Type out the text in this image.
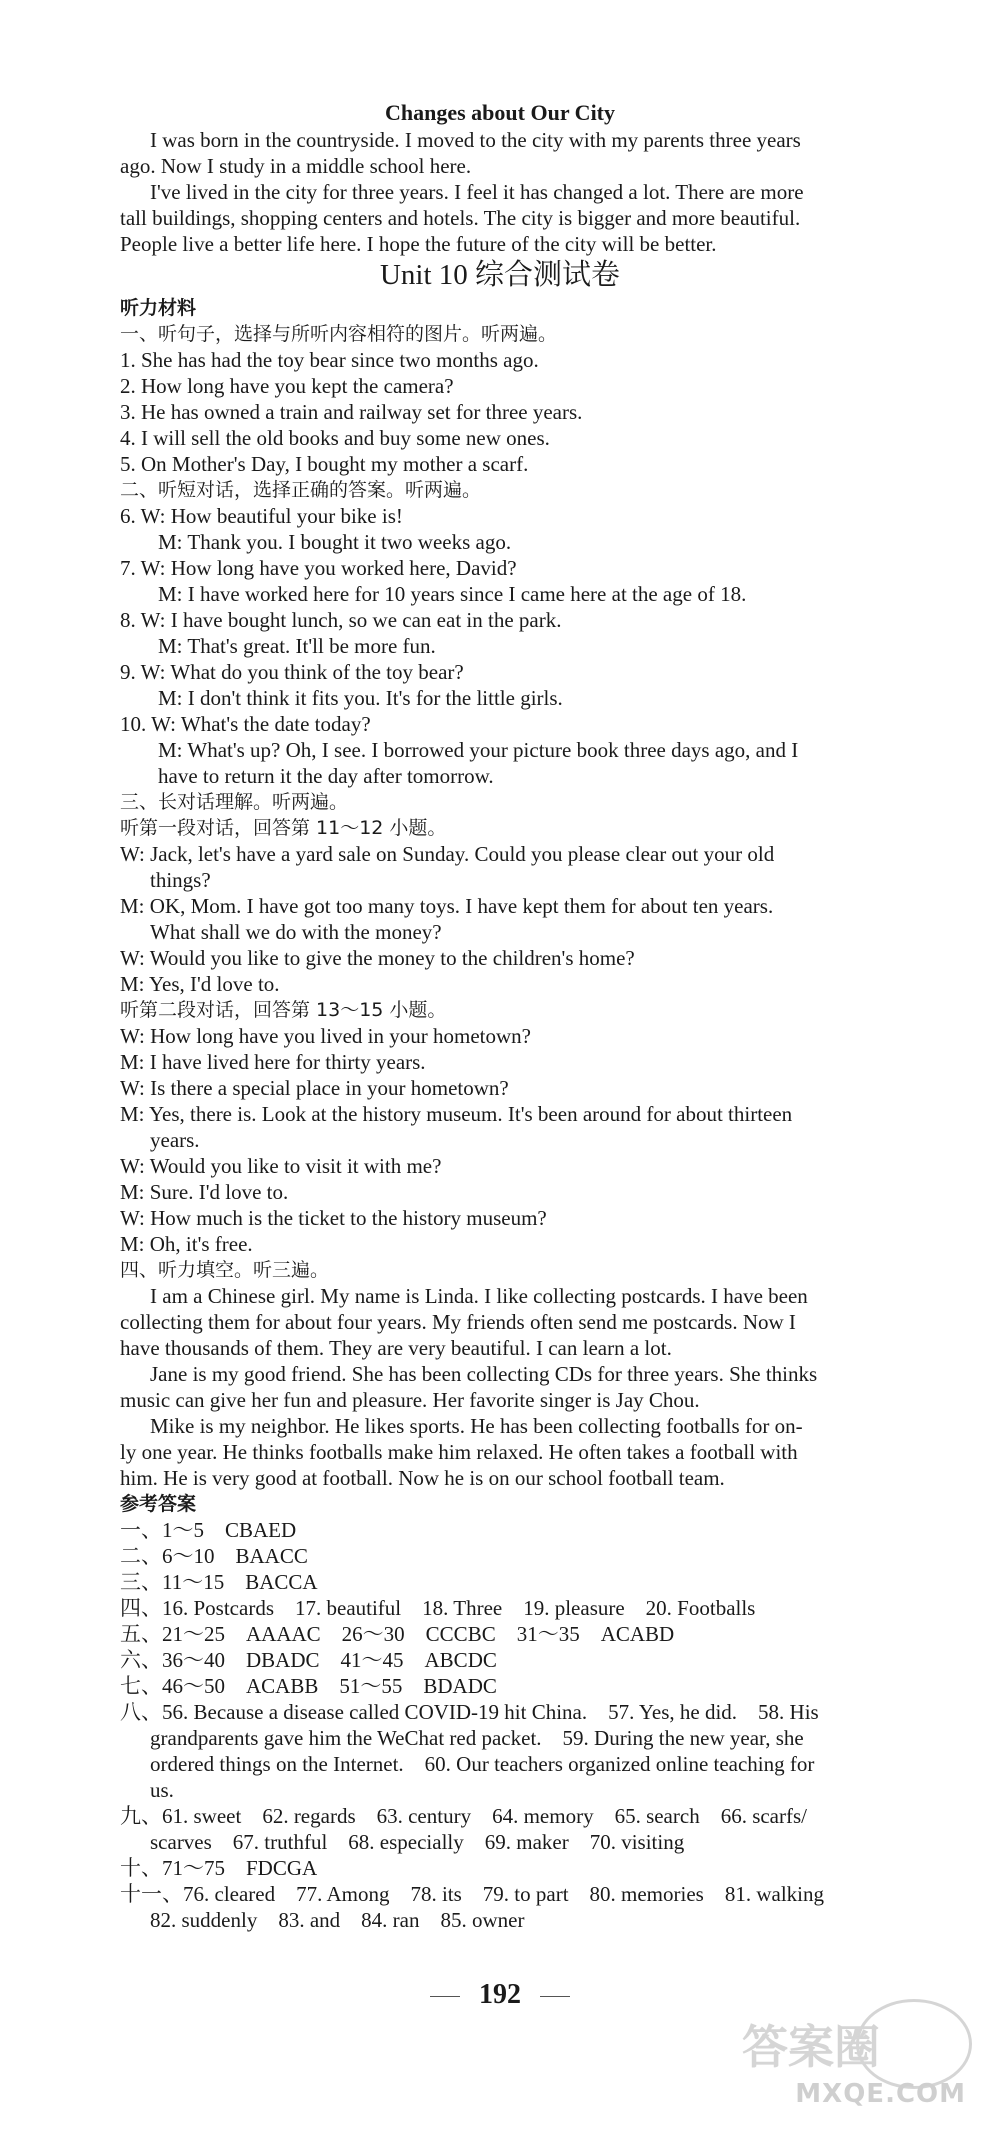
Changes about Our City
I was born in the countryside. I moved to the city with my parents three years
ago. Now I study in a middle school here.
I've lived in the city for three years. I feel it has changed a lot. There are more
tall buildings, shopping centers and hotels. The city is bigger and more beautiful.
People live a better life here. I hope the future of the city will be better.
Unit 10 综合测试卷
听力材料
一、听句子，选择与所听内容相符的图片。听两遍。
1. She has had the toy bear since two months ago.
2. How long have you kept the camera?
3. He has owned a train and railway set for three years.
4. I will sell the old books and buy some new ones.
5. On Mother's Day, I bought my mother a scarf.
二、听短对话，选择正确的答案。听两遍。
6. W: How beautiful your bike is!
M: Thank you. I bought it two weeks ago.
7. W: How long have you worked here, David?
M: I have worked here for 10 years since I came here at the age of 18.
8. W: I have bought lunch, so we can eat in the park.
M: That's great. It'll be more fun.
9. W: What do you think of the toy bear?
M: I don't think it fits you. It's for the little girls.
10. W: What's the date today?
M: What's up? Oh, I see. I borrowed your picture book three days ago, and I
have to return it the day after tomorrow.
三、长对话理解。听两遍。
听第一段对话，回答第 11～12 小题。
W: Jack, let's have a yard sale on Sunday. Could you please clear out your old
things?
M: OK, Mom. I have got too many toys. I have kept them for about ten years.
What shall we do with the money?
W: Would you like to give the money to the children's home?
M: Yes, I'd love to.
听第二段对话，回答第 13～15 小题。
W: How long have you lived in your hometown?
M: I have lived here for thirty years.
W: Is there a special place in your hometown?
M: Yes, there is. Look at the history museum. It's been around for about thirteen
years.
W: Would you like to visit it with me?
M: Sure. I'd love to.
W: How much is the ticket to the history museum?
M: Oh, it's free.
四、听力填空。听三遍。
I am a Chinese girl. My name is Linda. I like collecting postcards. I have been
collecting them for about four years. My friends often send me postcards. Now I
have thousands of them. They are very beautiful. I can learn a lot.
Jane is my good friend. She has been collecting CDs for three years. She thinks
music can give her fun and pleasure. Her favorite singer is Jay Chou.
Mike is my neighbor. He likes sports. He has been collecting footballs for on-
ly one year. He thinks footballs make him relaxed. He often takes a football with
him. He is very good at football. Now he is on our school football team.
参考答案
一、1～5　CBAED
二、6～10　BAACC
三、11～15　BACCA
四、16. Postcards　17. beautiful　18. Three　19. pleasure　20. Footballs
五、21～25　AAAAC　26～30　CCCBC　31～35　ACABD
六、36～40　DBADC　41～45　ABCDC
七、46～50　ACABB　51～55　BDADC
八、56. Because a disease called COVID-19 hit China.　57. Yes, he did.　58. His
grandparents gave him the WeChat red packet.　59. During the new year, she
ordered things on the Internet.　60. Our teachers organized online teaching for
us.
九、61. sweet　62. regards　63. century　64. memory　65. search　66. scarfs/
scarves　67. truthful　68. especially　69. maker　70. visiting
十、71～75　FDCGA
十一、76. cleared　77. Among　78. its　79. to part　80. memories　81. walking
82. suddenly　83. and　84. ran　85. owner
192
答案圈
MXQE.COM
